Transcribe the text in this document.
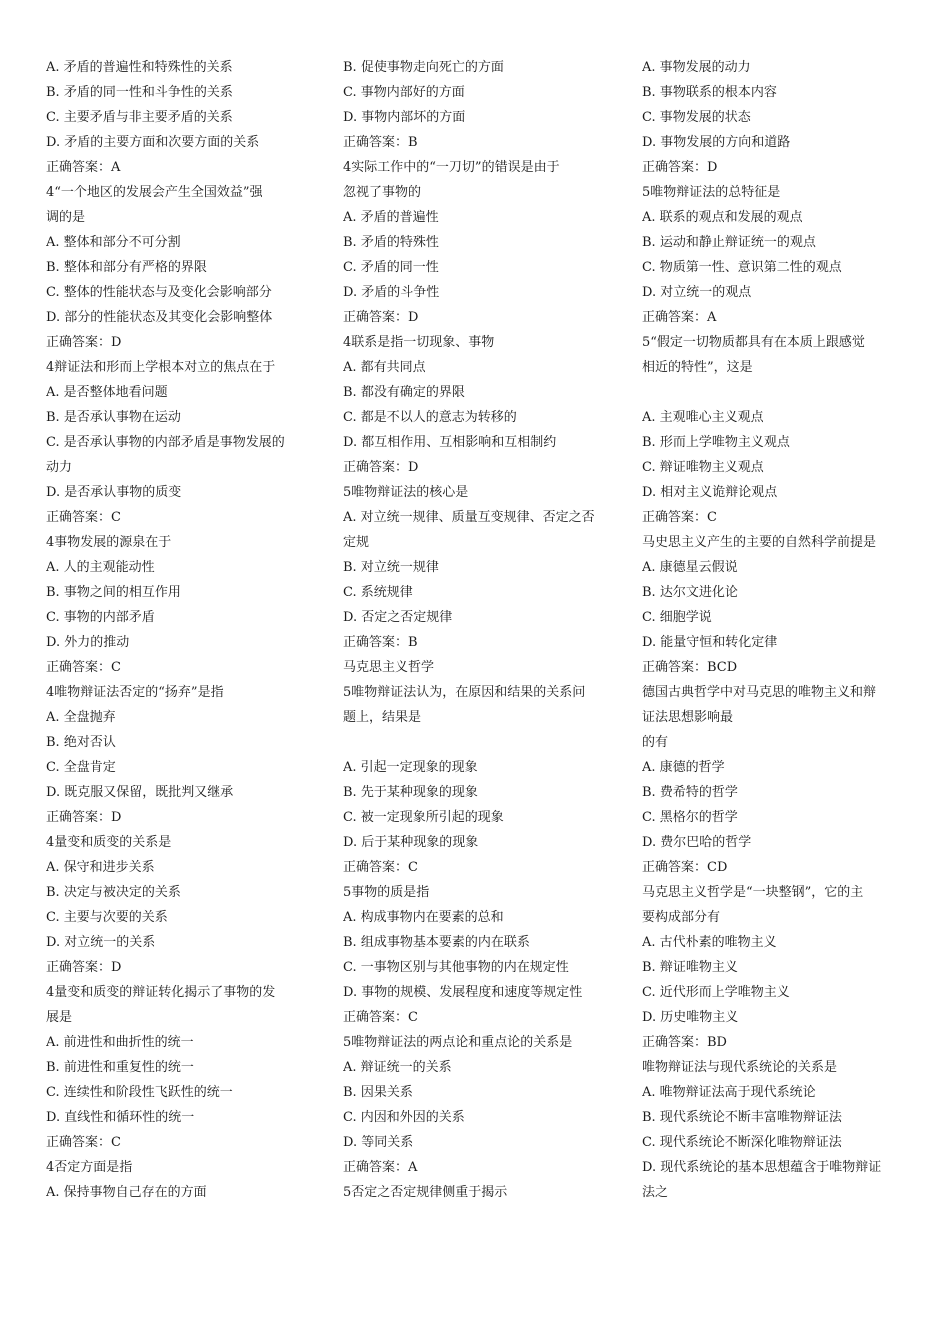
A. 矛盾的普遍性和特殊性的关系
B. 矛盾的同一性和斗争性的关系
C. 主要矛盾与非主要矛盾的关系
D. 矛盾的主要方面和次要方面的关系
正确答案：A
4“一个地区的发展会产生全国效益”强
调的是
A. 整体和部分不可分割
B. 整体和部分有严格的界限
C. 整体的性能状态与及变化会影响部分
D. 部分的性能状态及其变化会影响整体
正确答案：D
4辩证法和形而上学根本对立的焦点在于
A. 是否整体地看问题
B. 是否承认事物在运动
C. 是否承认事物的内部矛盾是事物发展的
动力
D. 是否承认事物的质变
正确答案：C
4事物发展的源泉在于
A. 人的主观能动性
B. 事物之间的相互作用
C. 事物的内部矛盾
D. 外力的推动
正确答案：C
4唯物辩证法否定的“扬弃”是指
A. 全盘抛弃
B. 绝对否认
C. 全盘肯定
D. 既克服又保留，既批判又继承
正确答案：D
4量变和质变的关系是
A. 保守和进步关系
B. 决定与被决定的关系
C. 主要与次要的关系
D. 对立统一的关系
正确答案：D
4量变和质变的辩证转化揭示了事物的发
展是
A. 前进性和曲折性的统一
B. 前进性和重复性的统一
C. 连续性和阶段性飞跃性的统一
D. 直线性和循环性的统一
正确答案：C
4否定方面是指
A. 保持事物自己存在的方面
B. 促使事物走向死亡的方面
C. 事物内部好的方面
D. 事物内部坏的方面
正确答案：B
4实际工作中的“一刀切”的错误是由于
忽视了事物的
A. 矛盾的普遍性
B. 矛盾的特殊性
C. 矛盾的同一性
D. 矛盾的斗争性
正确答案：D
4联系是指一切现象、事物
A. 都有共同点
B. 都没有确定的界限
C. 都是不以人的意志为转移的
D. 都互相作用、互相影响和互相制约
正确答案：D
5唯物辩证法的核心是
A. 对立统一规律、质量互变规律、否定之否
定规
B. 对立统一规律
C. 系统规律
D. 否定之否定规律
正确答案：B
马克思主义哲学
5唯物辩证法认为，在原因和结果的关系问
题上，结果是
A. 引起一定现象的现象
B. 先于某种现象的现象
C. 被一定现象所引起的现象
D. 后于某种现象的现象
正确答案：C
5事物的质是指
A. 构成事物内在要素的总和
B. 组成事物基本要素的内在联系
C. 一事物区别与其他事物的内在规定性
D. 事物的规模、发展程度和速度等规定性
正确答案：C
5唯物辩证法的两点论和重点论的关系是
A. 辩证统一的关系
B. 因果关系
C. 内因和外因的关系
D. 等同关系
正确答案：A
5否定之否定规律侧重于揭示
A. 事物发展的动力
B. 事物联系的根本内容
C. 事物发展的状态
D. 事物发展的方向和道路
正确答案：D
5唯物辩证法的总特征是
A. 联系的观点和发展的观点
B. 运动和静止辩证统一的观点
C. 物质第一性、意识第二性的观点
D. 对立统一的观点
正确答案：A
5“假定一切物质都具有在本质上跟感觉
相近的特性”，这是
A. 主观唯心主义观点
B. 形而上学唯物主义观点
C. 辩证唯物主义观点
D. 相对主义诡辩论观点
正确答案：C
马史思主义产生的主要的自然科学前提是
A. 康德星云假说
B. 达尔文进化论
C. 细胞学说
D. 能量守恒和转化定律
正确答案：BCD
德国古典哲学中对马克思的唯物主义和辩
证法思想影响最
的有
A. 康德的哲学
B. 费希特的哲学
C. 黑格尔的哲学
D. 费尔巴哈的哲学
正确答案：CD
马克思主义哲学是“一块整钢”，它的主
要构成部分有
A. 古代朴素的唯物主义
B. 辩证唯物主义
C. 近代形而上学唯物主义
D. 历史唯物主义
正确答案：BD
唯物辩证法与现代系统论的关系是
A. 唯物辩证法高于现代系统论
B. 现代系统论不断丰富唯物辩证法
C. 现代系统论不断深化唯物辩证法
D. 现代系统论的基本思想蕴含于唯物辩证
法之
